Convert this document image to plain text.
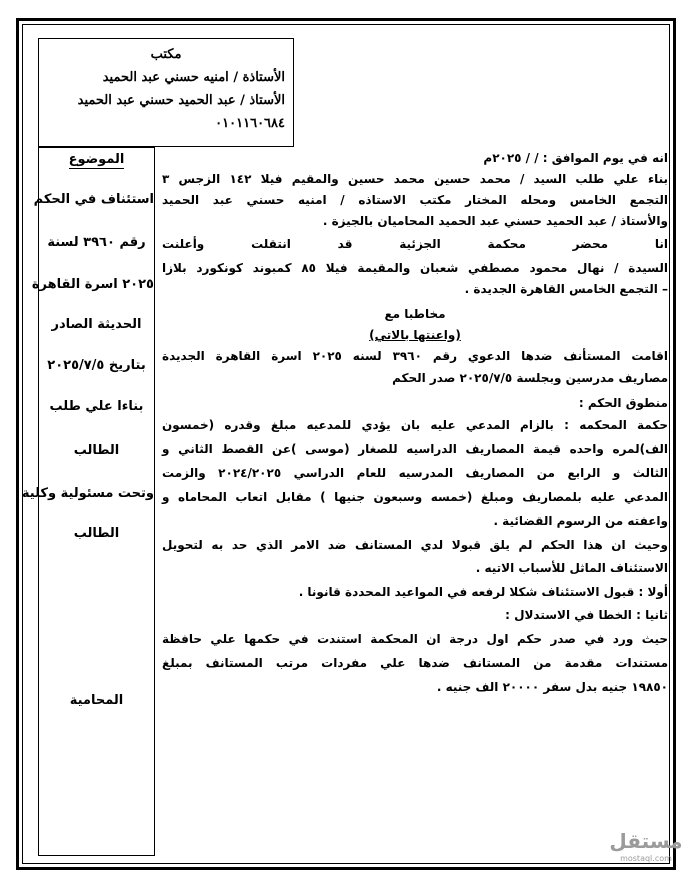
مكتب
الأستاذة / امنيه حسني عبد الحميد
الأستاذ / عبد الحميد حسني عبد الحميد
٠١٠١١٦٠٦٨٤
الموضوع
استئناف في الحكم
رقم ٣٩٦٠ لسنة
٢٠٢٥ اسرة القاهرة
الحديثة الصادر
بتاريخ ٢٠٢٥/٧/٥
بناءا علي طلب
الطالب
وتحت مسئولية وكلية
الطالب
المحامية
انه في يوم الموافق : / / ٢٠٢٥م
بناء علي طلب السيد / محمد حسين محمد حسين والمقيم فيلا ١٤٢ الزجس ٣
التجمع الخامس ومحله المختار مكتب الاستاذه / امنيه حسني عبد الحميد
والأستاذ / عبد الحميد حسني عبد الحميد المحاميان بالجيزة .
انا محضر محكمة الجزئية قد انتقلت وأعلنت
السيدة / نهال محمود مصطفي شعبان والمقيمة فيلا ٨٥ كمبوند كونكورد بلازا
– التجمع الخامس القاهرة الجديدة .
مخاطبا مع
(واعنتها بالاتي)
اقامت المستأنف ضدها الدعوي رقم ٣٩٦٠ لسنه ٢٠٢٥ اسرة القاهرة الجديدة
مصاريف مدرسين وبجلسة ٢٠٢٥/٧/٥ صدر الحكم
منطوق الحكم :
حكمة المحكمه : بالزام المدعي عليه بان يؤدي للمدعيه مبلغ وقدره (خمسون
الف)لمره واحده قيمة المصاريف الدراسيه للصغار (موسى )عن القصط الثاني و
الثالث و الرابع من المصاريف المدرسيه للعام الدراسي ٢٠٢٤/٢٠٢٥ والزمت
المدعي عليه بلمصاريف ومبلغ (خمسه وسبعون جنيها ) مقابل اتعاب المحاماه و
واعفته من الرسوم القضائية .
وحيث ان هذا الحكم لم يلق قبولا لدي المستانف ضد الامر الذي حد به لتحويل
الاستئناف الماثل للأسباب الاتيه .
أولا : قبول الاستئناف شكلا لرفعه في المواعيد المحددة قانونا .
ثانيا : الخطا في الاستدلال :
حيث ورد في صدر حكم اول درجة ان المحكمة استندت في حكمها علي حافظة
مستندات مقدمة من المستانف ضدها علي مفردات مرتب المستانف بمبلغ
١٩٨٥٠ جنيه بدل سفر ٢٠٠٠٠ الف جنيه .
مستقل
mostaql.com
